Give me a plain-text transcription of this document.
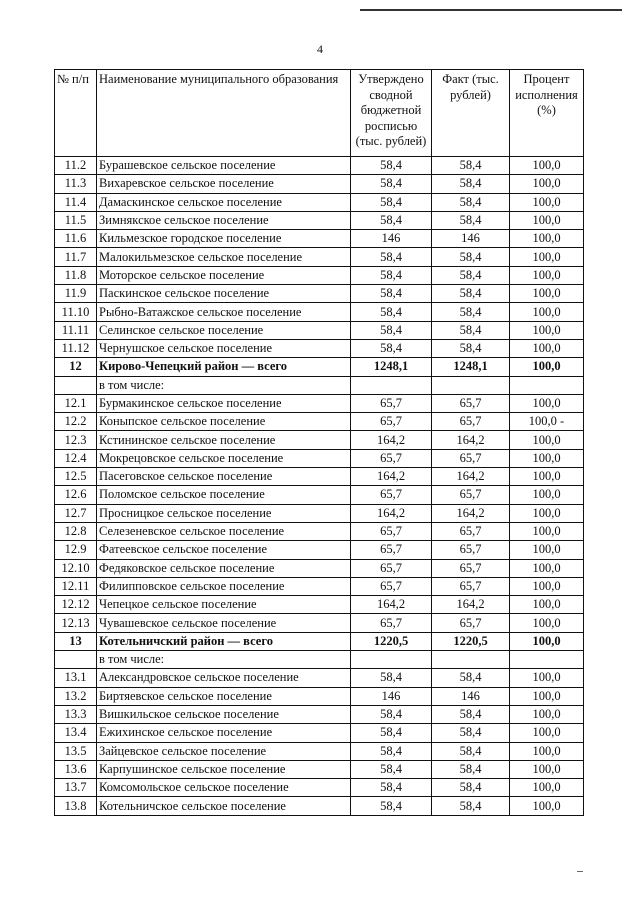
4
№ п/п	Наименование муниципального образования	Утверждено сводной бюджетной росписью (тыс. рублей)	Факт (тыс. рублей)	Процент исполнения (%)
11.2	Бурашевское сельское поселение	58,4	58,4	100,0
11.3	Вихаревское сельское поселение	58,4	58,4	100,0
11.4	Дамаскинское сельское поселение	58,4	58,4	100,0
11.5	Зимнякское сельское поселение	58,4	58,4	100,0
11.6	Кильмезское городское поселение	146	146	100,0
11.7	Малокильмезское сельское поселение	58,4	58,4	100,0
11.8	Моторское сельское поселение	58,4	58,4	100,0
11.9	Паскинское сельское поселение	58,4	58,4	100,0
11.10	Рыбно-Ватажское сельское поселение	58,4	58,4	100,0
11.11	Селинское сельское поселение	58,4	58,4	100,0
11.12	Чернушское сельское поселение	58,4	58,4	100,0
12	Кирово-Чепецкий район — всего	1248,1	1248,1	100,0
	в том числе:			
12.1	Бурмакинское сельское поселение	65,7	65,7	100,0
12.2	Коныпское сельское поселение	65,7	65,7	100,0 -
12.3	Кстининское сельское поселение	164,2	164,2	100,0
12.4	Мокрецовское сельское поселение	65,7	65,7	100,0
12.5	Пасеговское сельское поселение	164,2	164,2	100,0
12.6	Поломское сельское поселение	65,7	65,7	100,0
12.7	Просницкое сельское поселение	164,2	164,2	100,0
12.8	Селезеневское сельское поселение	65,7	65,7	100,0
12.9	Фатеевское сельское поселение	65,7	65,7	100,0
12.10	Федяковское сельское поселение	65,7	65,7	100,0
12.11	Филипповское сельское поселение	65,7	65,7	100,0
12.12	Чепецкое сельское поселение	164,2	164,2	100,0
12.13	Чувашевское сельское поселение	65,7	65,7	100,0
13	Котельничский район — всего	1220,5	1220,5	100,0
	в том числе:			
13.1	Александровское сельское поселение	58,4	58,4	100,0
13.2	Биртяевское сельское поселение	146	146	100,0
13.3	Вишкильское сельское поселение	58,4	58,4	100,0
13.4	Ежихинское сельское поселение	58,4	58,4	100,0
13.5	Зайцевское сельское поселение	58,4	58,4	100,0
13.6	Карпушинское сельское поселение	58,4	58,4	100,0
13.7	Комсомольское сельское поселение	58,4	58,4	100,0
13.8	Котельничское сельское поселение	58,4	58,4	100,0
